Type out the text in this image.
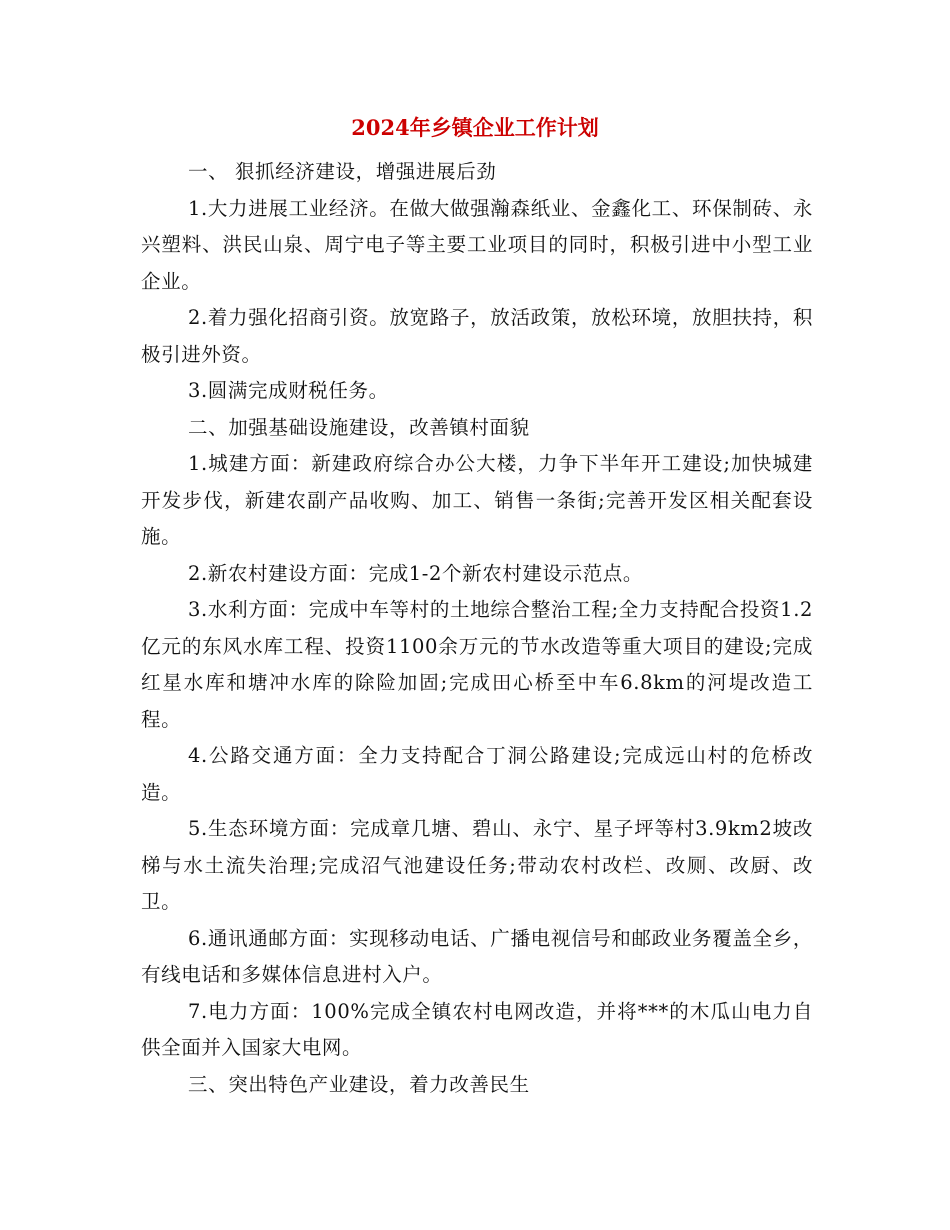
2024年乡镇企业工作计划

一、 狠抓经济建设，增强进展后劲

1.大力进展工业经济。在做大做强瀚森纸业、金鑫化工、环保制砖、永兴塑料、洪民山泉、周宁电子等主要工业项目的同时，积极引进中小型工业企业。

2.着力强化招商引资。放宽路子，放活政策，放松环境，放胆扶持，积极引进外资。

3.圆满完成财税任务。

二、加强基础设施建设，改善镇村面貌

1.城建方面：新建政府综合办公大楼，力争下半年开工建设;加快城建开发步伐，新建农副产品收购、加工、销售一条街;完善开发区相关配套设施。

2.新农村建设方面：完成1-2个新农村建设示范点。

3.水利方面：完成中车等村的土地综合整治工程;全力支持配合投资1.2亿元的东风水库工程、投资1100余万元的节水改造等重大项目的建设;完成红星水库和塘冲水库的除险加固;完成田心桥至中车6.8km的河堤改造工程。

4.公路交通方面：全力支持配合丁洞公路建设;完成远山村的危桥改造。

5.生态环境方面：完成章几塘、碧山、永宁、星子坪等村3.9km2坡改梯与水土流失治理;完成沼气池建设任务;带动农村改栏、改厕、改厨、改卫。

6.通讯通邮方面：实现移动电话、广播电视信号和邮政业务覆盖全乡，有线电话和多媒体信息进村入户。

7.电力方面：100%完成全镇农村电网改造，并将***的木瓜山电力自供全面并入国家大电网。

三、突出特色产业建设，着力改善民生
